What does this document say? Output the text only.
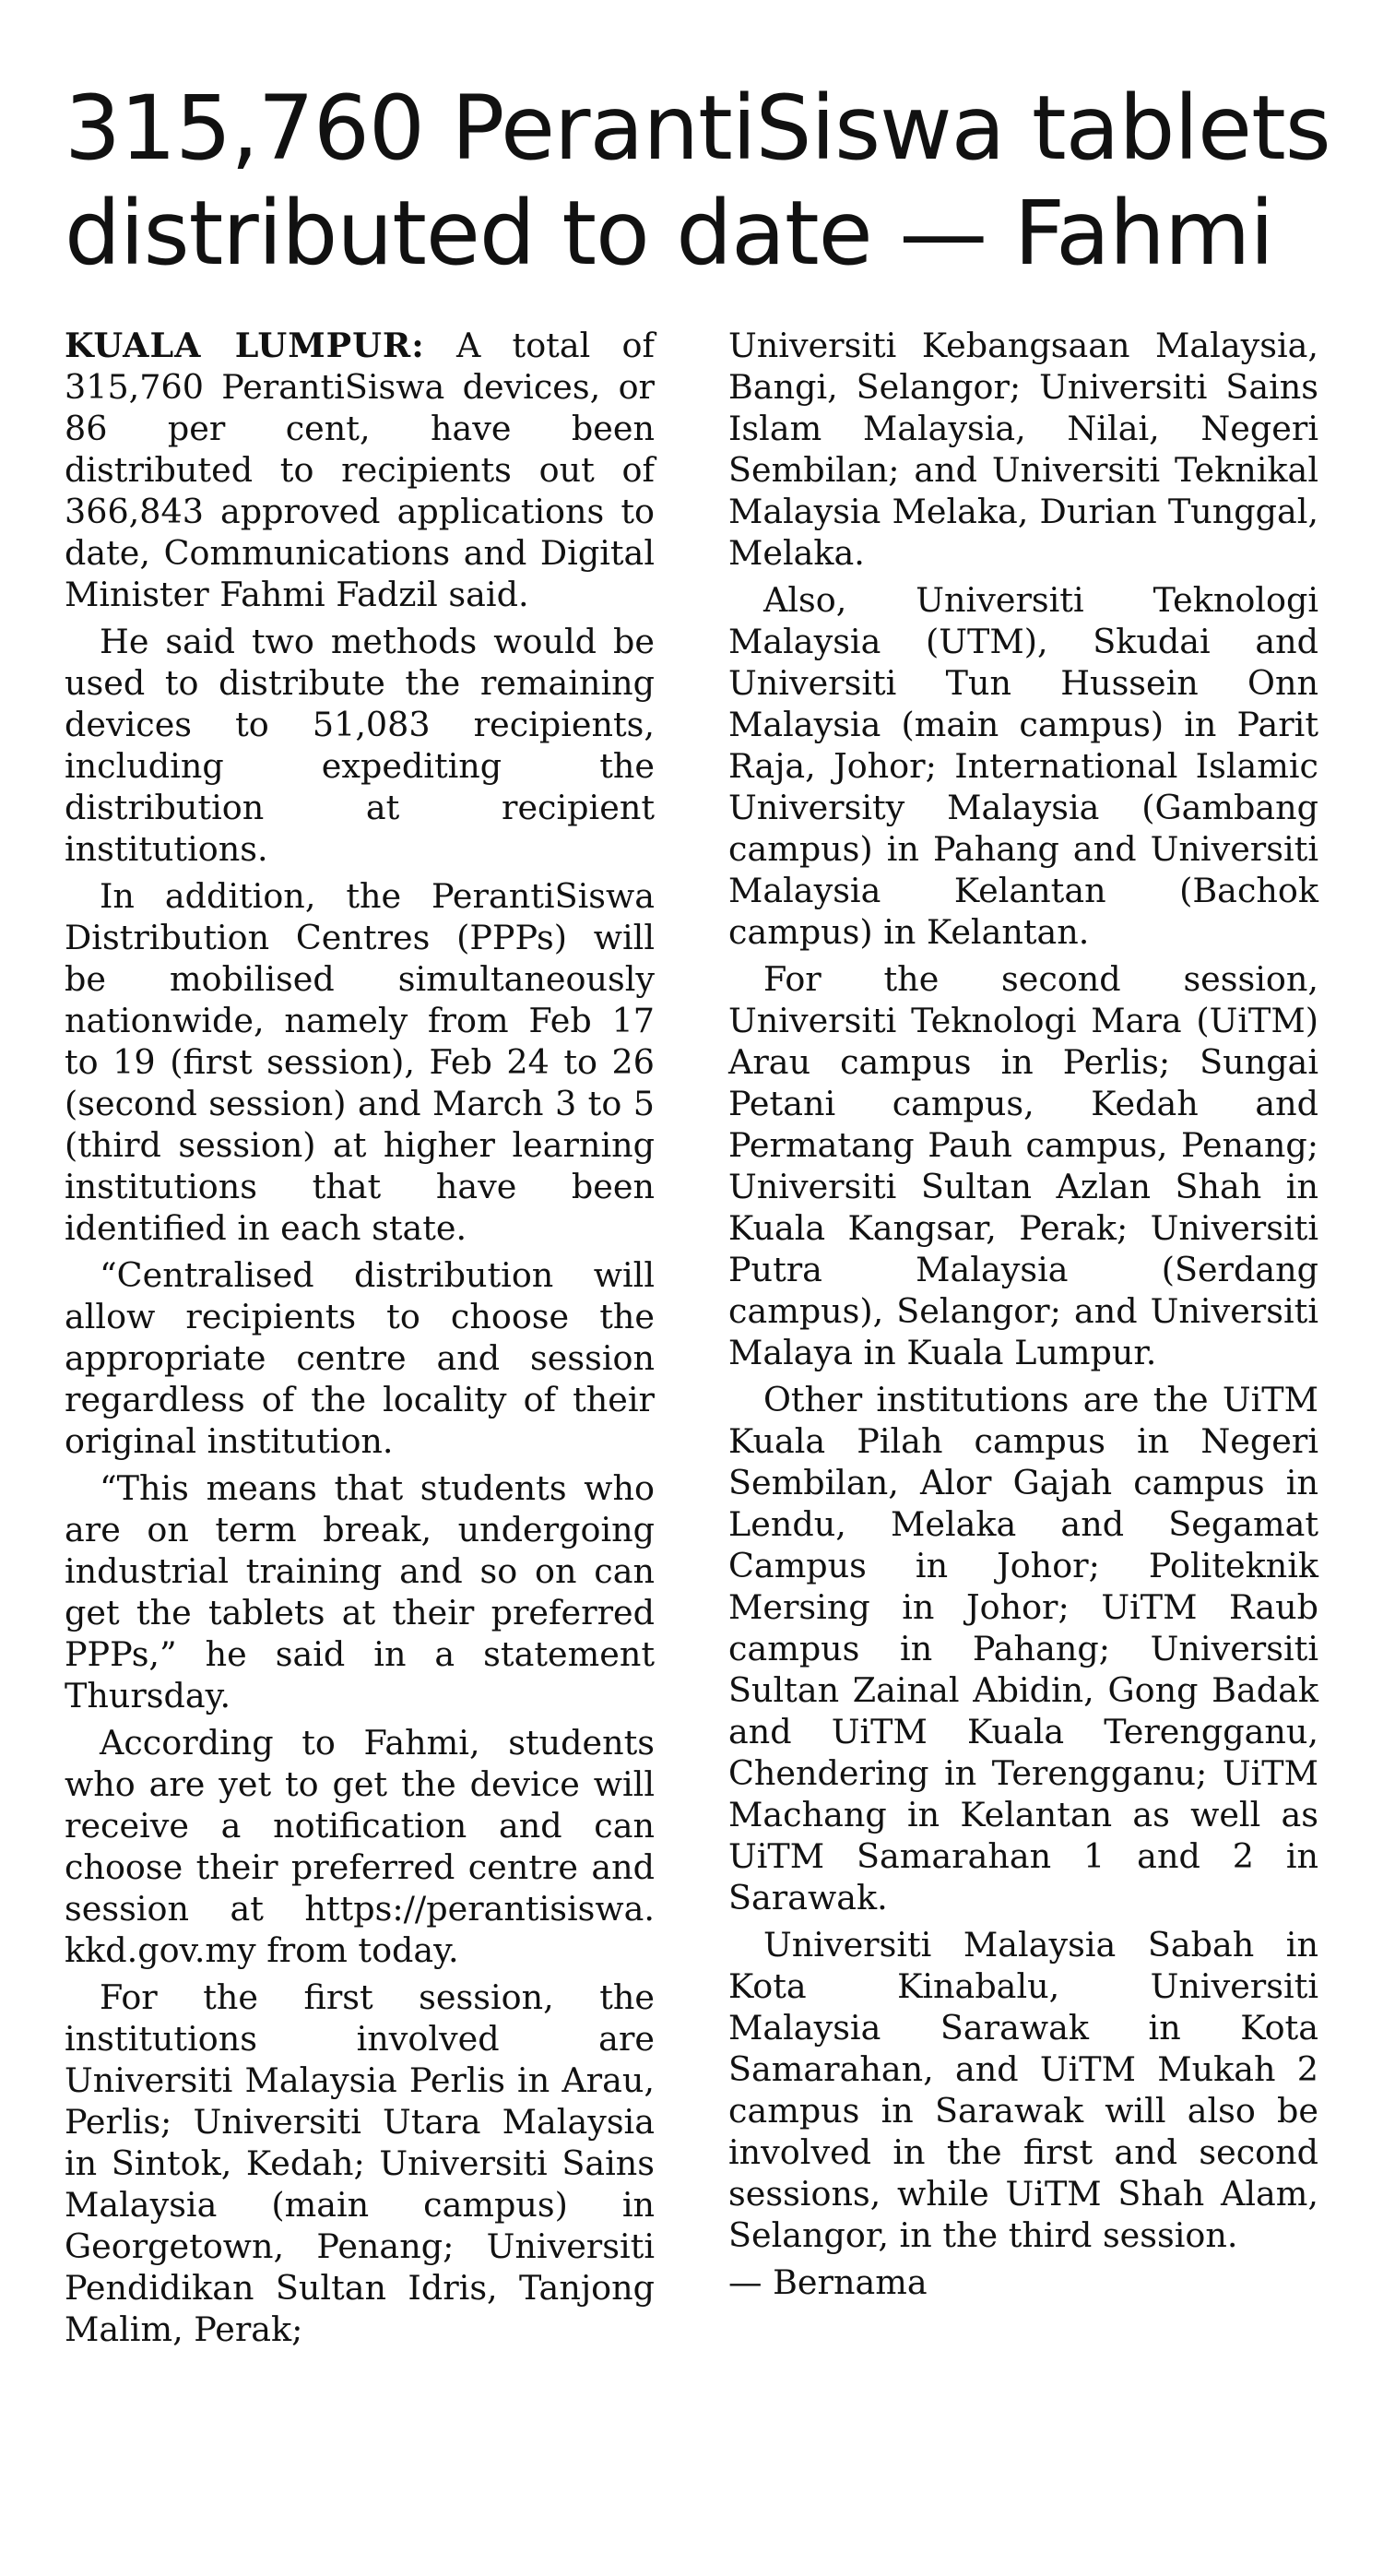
315,760 PerantiSiswa tablets
distributed to date — Fahmi

KUALA LUMPUR: A total of 315,760 PerantiSiswa devices, or 86 per cent, have been distributed to recipients out of 366,843 approved applications to date, Communications and Digital Minister Fahmi Fadzil said.

He said two methods would be used to distribute the remaining devices to 51,083 recipients, including expediting the distribution at recipient institutions.

In addition, the PerantiSiswa Distribution Centres (PPPs) will be mobilised simultaneously nationwide, namely from Feb 17 to 19 (first session), Feb 24 to 26 (second session) and March 3 to 5 (third session) at higher learning institutions that have been identified in each state.

“Centralised distribution will allow recipients to choose the appropriate centre and session regardless of the locality of their original institution.

“This means that students who are on term break, undergoing industrial training and so on can get the tablets at their preferred PPPs,” he said in a statement Thursday.

According to Fahmi, students who are yet to get the device will receive a notification and can choose their preferred centre and session at https://perantisiswa. kkd.gov.my from today.

For the first session, the institutions involved are Universiti Malaysia Perlis in Arau, Perlis; Universiti Utara Malaysia in Sintok, Kedah; Universiti Sains Malaysia (main campus) in Georgetown, Penang; Universiti Pendidikan Sultan Idris, Tanjong Malim, Perak;

Universiti Kebangsaan Malaysia, Bangi, Selangor; Universiti Sains Islam Malaysia, Nilai, Negeri Sembilan; and Universiti Teknikal Malaysia Melaka, Durian Tunggal, Melaka.

Also, Universiti Teknologi Malaysia (UTM), Skudai and Universiti Tun Hussein Onn Malaysia (main campus) in Parit Raja, Johor; International Islamic University Malaysia (Gambang campus) in Pahang and Universiti Malaysia Kelantan (Bachok campus) in Kelantan.

For the second session, Universiti Teknologi Mara (UiTM) Arau campus in Perlis; Sungai Petani campus, Kedah and Permatang Pauh campus, Penang; Universiti Sultan Azlan Shah in Kuala Kangsar, Perak; Universiti Putra Malaysia (Serdang campus), Selangor; and Universiti Malaya in Kuala Lumpur.

Other institutions are the UiTM Kuala Pilah campus in Negeri Sembilan, Alor Gajah campus in Lendu, Melaka and Segamat Campus in Johor; Politeknik Mersing in Johor; UiTM Raub campus in Pahang; Universiti Sultan Zainal Abidin, Gong Badak and UiTM Kuala Terengganu, Chendering in Terengganu; UiTM Machang in Kelantan as well as UiTM Samarahan 1 and 2 in Sarawak.

Universiti Malaysia Sabah in Kota Kinabalu, Universiti Malaysia Sarawak in Kota Samarahan, and UiTM Mukah 2 campus in Sarawak will also be involved in the first and second sessions, while UiTM Shah Alam, Selangor, in the third session.

— Bernama
